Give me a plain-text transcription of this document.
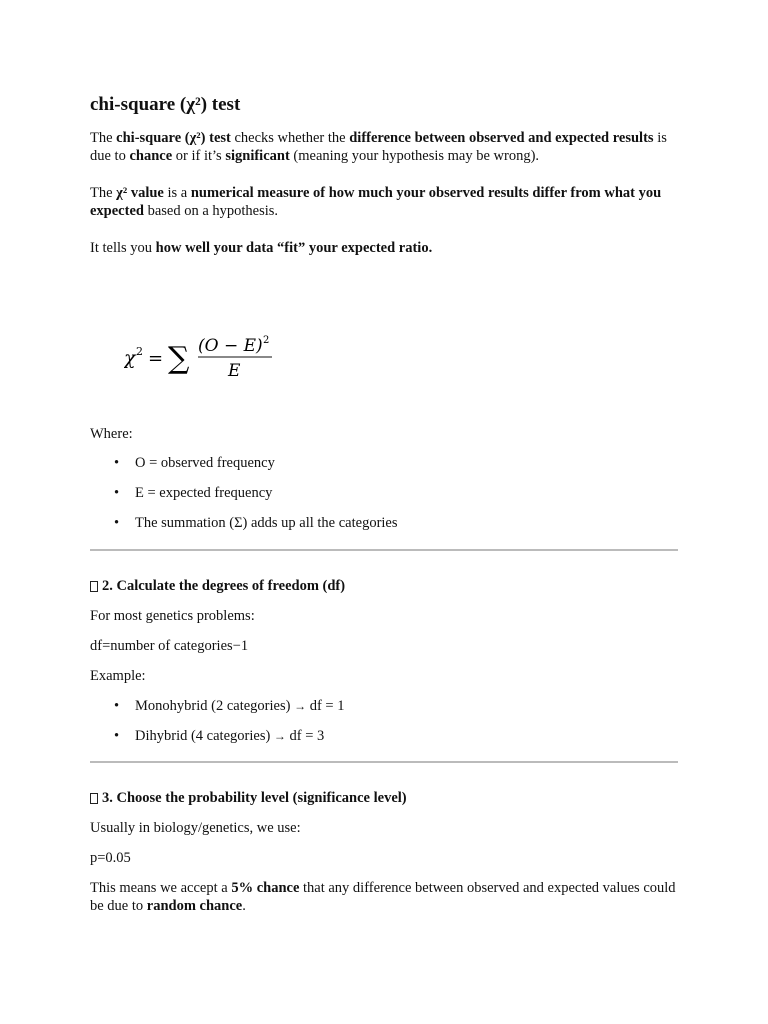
chi-square (χ²) test

The chi-square (χ²) test checks whether the difference between observed and expected results is due to chance or if it’s significant (meaning your hypothesis may be wrong).

The χ² value is a numerical measure of how much your observed results differ from what you expected based on a hypothesis.

It tells you how well your data “fit” your expected ratio.

χ 2 = ∑ (O − E) 2
E

Where:

• O = observed frequency
• E = expected frequency
• The summation (Σ) adds up all the categories
2. Calculate the degrees of freedom (df)

For most genetics problems:

df=number of categories−1

Example:

• Monohybrid (2 categories) → df = 1
• Dihybrid (4 categories) → df = 3
3. Choose the probability level (significance level)

Usually in biology/genetics, we use:

p=0.05

This means we accept a 5% chance that any difference between observed and expected values could be due to random chance.
